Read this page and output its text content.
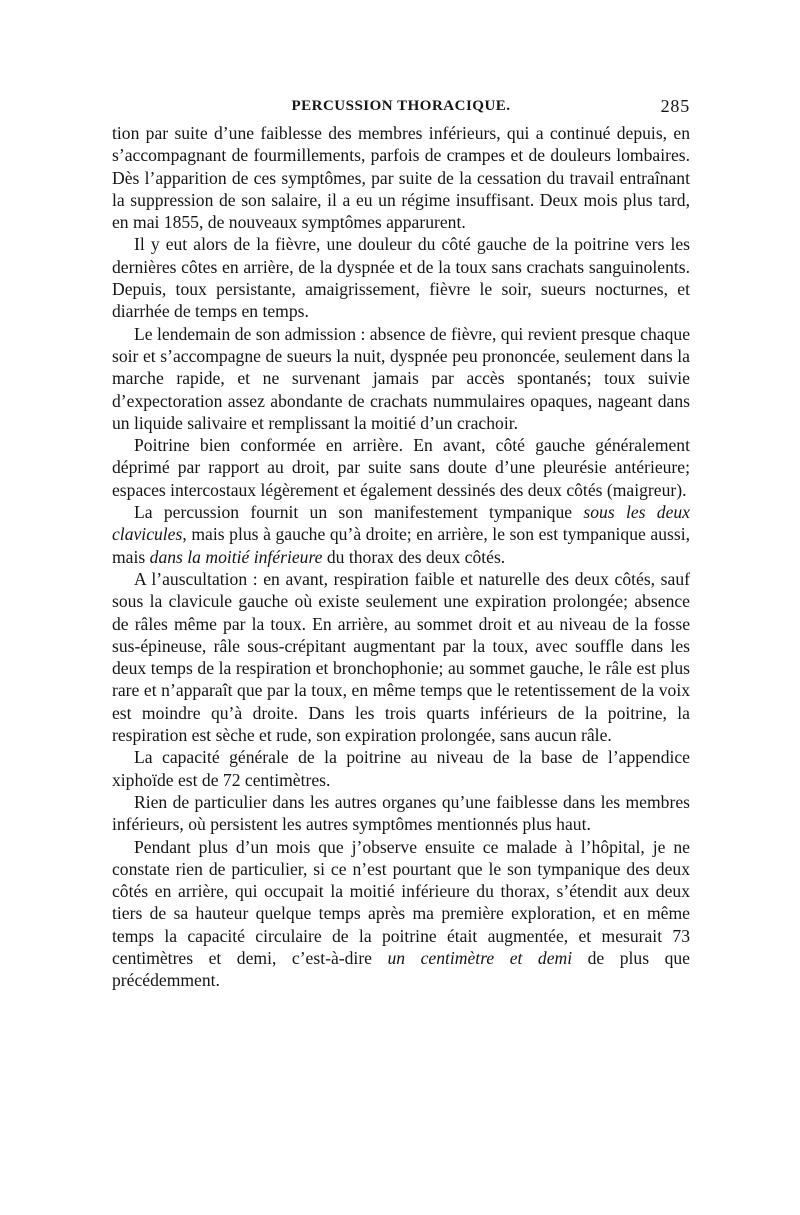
PERCUSSION THORACIQUE.	285

tion par suite d’une faiblesse des membres inférieurs, qui a continué depuis, en s’accompagnant de fourmillements, parfois de crampes et de douleurs lombaires. Dès l’apparition de ces symptômes, par suite de la cessation du travail entraînant la suppression de son salaire, il a eu un régime insuffisant. Deux mois plus tard, en mai 1855, de nouveaux symptômes apparurent.

Il y eut alors de la fièvre, une douleur du côté gauche de la poitrine vers les dernières côtes en arrière, de la dyspnée et de la toux sans crachats sanguinolents. Depuis, toux persistante, amaigrissement, fièvre le soir, sueurs nocturnes, et diarrhée de temps en temps.

Le lendemain de son admission : absence de fièvre, qui revient presque chaque soir et s’accompagne de sueurs la nuit, dyspnée peu prononcée, seulement dans la marche rapide, et ne survenant jamais par accès spontanés; toux suivie d’expectoration assez abondante de crachats nummulaires opaques, nageant dans un liquide salivaire et remplissant la moitié d’un crachoir.

Poitrine bien conformée en arrière. En avant, côté gauche généralement déprimé par rapport au droit, par suite sans doute d’une pleurésie antérieure; espaces intercostaux légèrement et également dessinés des deux côtés (maigreur).

La percussion fournit un son manifestement tympanique sous les deux clavicules, mais plus à gauche qu’à droite; en arrière, le son est tympanique aussi, mais dans la moitié inférieure du thorax des deux côtés.

A l’auscultation : en avant, respiration faible et naturelle des deux côtés, sauf sous la clavicule gauche où existe seulement une expiration prolongée; absence de râles même par la toux. En arrière, au sommet droit et au niveau de la fosse sus-épineuse, râle sous-crépitant augmentant par la toux, avec souffle dans les deux temps de la respiration et bronchophonie; au sommet gauche, le râle est plus rare et n’apparaît que par la toux, en même temps que le retentissement de la voix est moindre qu’à droite. Dans les trois quarts inférieurs de la poitrine, la respiration est sèche et rude, son expiration prolongée, sans aucun râle.

La capacité générale de la poitrine au niveau de la base de l’appendice xiphoïde est de 72 centimètres.

Rien de particulier dans les autres organes qu’une faiblesse dans les membres inférieurs, où persistent les autres symptômes mentionnés plus haut.

Pendant plus d’un mois que j’observe ensuite ce malade à l’hôpital, je ne constate rien de particulier, si ce n’est pourtant que le son tympanique des deux côtés en arrière, qui occupait la moitié inférieure du thorax, s’étendit aux deux tiers de sa hauteur quelque temps après ma première exploration, et en même temps la capacité circulaire de la poitrine était augmentée, et mesurait 73 centimètres et demi, c’est-à-dire un centimètre et demi de plus que précédemment.
